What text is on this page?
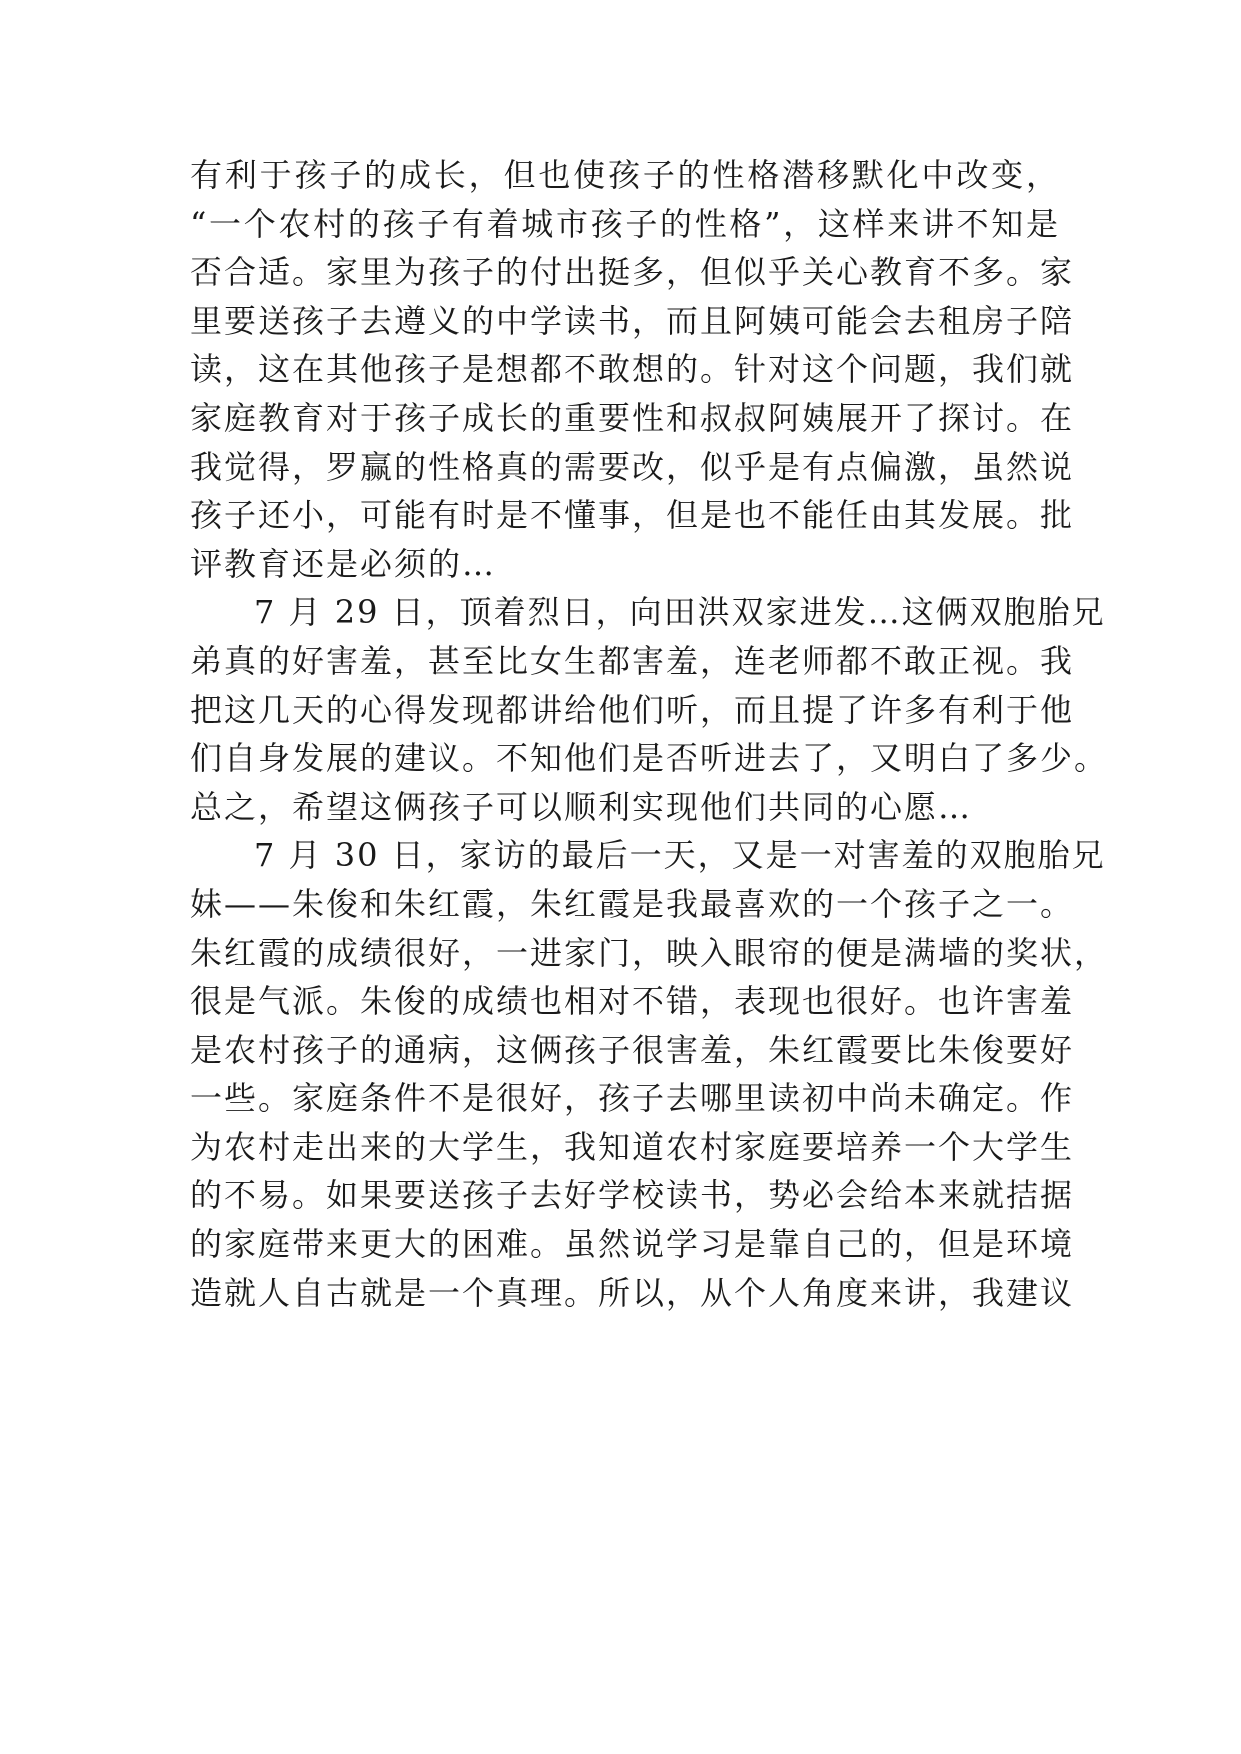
有利于孩子的成长，但也使孩子的性格潜移默化中改变，
“一个农村的孩子有着城市孩子的性格”，这样来讲不知是
否合适。家里为孩子的付出挺多，但似乎关心教育不多。家
里要送孩子去遵义的中学读书，而且阿姨可能会去租房子陪
读，这在其他孩子是想都不敢想的。针对这个问题，我们就
家庭教育对于孩子成长的重要性和叔叔阿姨展开了探讨。在
我觉得，罗赢的性格真的需要改，似乎是有点偏激，虽然说
孩子还小，可能有时是不懂事，但是也不能任由其发展。批
评教育还是必须的…
7 月 29 日，顶着烈日，向田洪双家进发…这俩双胞胎兄
弟真的好害羞，甚至比女生都害羞，连老师都不敢正视。我
把这几天的心得发现都讲给他们听，而且提了许多有利于他
们自身发展的建议。不知他们是否听进去了，又明白了多少。
总之，希望这俩孩子可以顺利实现他们共同的心愿…
7 月 30 日，家访的最后一天，又是一对害羞的双胞胎兄
妹——朱俊和朱红霞，朱红霞是我最喜欢的一个孩子之一。
朱红霞的成绩很好，一进家门，映入眼帘的便是满墙的奖状，
很是气派。朱俊的成绩也相对不错，表现也很好。也许害羞
是农村孩子的通病，这俩孩子很害羞，朱红霞要比朱俊要好
一些。家庭条件不是很好，孩子去哪里读初中尚未确定。作
为农村走出来的大学生，我知道农村家庭要培养一个大学生
的不易。如果要送孩子去好学校读书，势必会给本来就拮据
的家庭带来更大的困难。虽然说学习是靠自己的，但是环境
造就人自古就是一个真理。所以，从个人角度来讲，我建议
